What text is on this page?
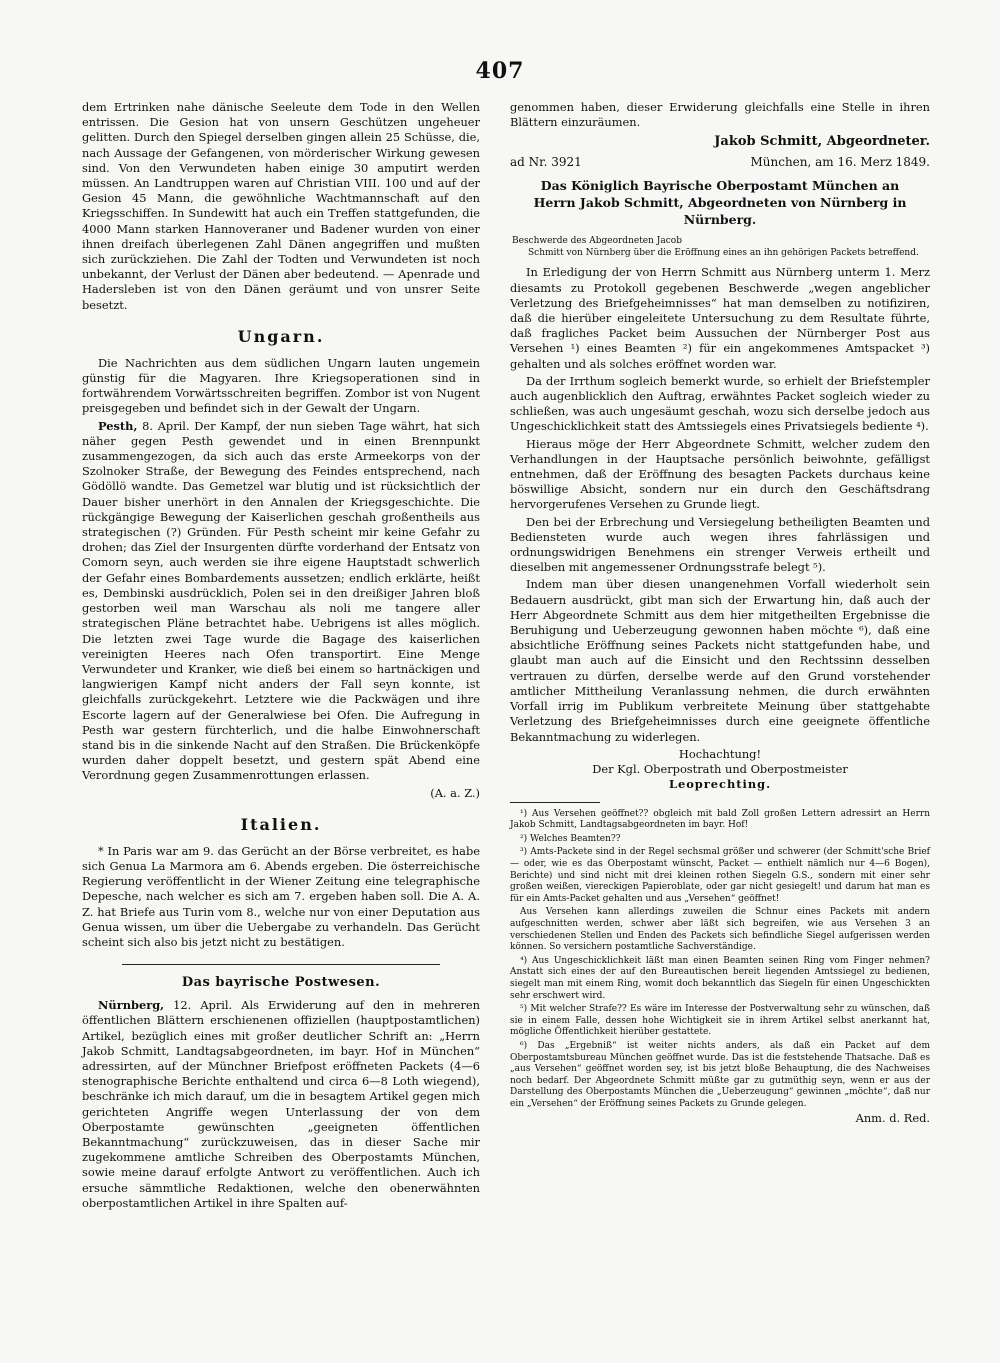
407

dem Ertrinken nahe dänische Seeleute dem Tode in den Wellen entrissen. Die Gesion hat von unsern Geschützen ungeheuer gelitten. Durch den Spiegel derselben gingen allein 25 Schüsse, die, nach Aussage der Gefangenen, von mörderischer Wirkung gewesen sind. Von den Verwundeten haben einige 30 amputirt werden müssen. An Landtruppen waren auf Christian VIII. 100 und auf der Gesion 45 Mann, die gewöhnliche Wachtmannschaft auf den Kriegsschiffen. In Sundewitt hat auch ein Treffen stattgefunden, die 4000 Mann starken Hannoveraner und Badener wurden von einer ihnen dreifach überlegenen Zahl Dänen angegriffen und mußten sich zurückziehen. Die Zahl der Todten und Verwundeten ist noch unbekannt, der Verlust der Dänen aber bedeutend. — Apenrade und Hadersleben ist von den Dänen geräumt und von unsrer Seite besetzt.

Ungarn.

Die Nachrichten aus dem südlichen Ungarn lauten ungemein günstig für die Magyaren. Ihre Kriegsoperationen sind in fortwährendem Vorwärtsschreiten begriffen. Zombor ist von Nugent preisgegeben und befindet sich in der Gewalt der Ungarn.

Pesth, 8. April. Der Kampf, der nun sieben Tage währt, hat sich näher gegen Pesth gewendet und in einen Brennpunkt zusammengezogen, da sich auch das erste Armeekorps von der Szolnoker Straße, der Bewegung des Feindes entsprechend, nach Gödöllö wandte. Das Gemetzel war blutig und ist rücksichtlich der Dauer bisher unerhört in den Annalen der Kriegsgeschichte. Die rückgängige Bewegung der Kaiserlichen geschah großentheils aus strategischen (?) Gründen. Für Pesth scheint mir keine Gefahr zu drohen; das Ziel der Insurgenten dürfte vorderhand der Entsatz von Comorn seyn, auch werden sie ihre eigene Hauptstadt schwerlich der Gefahr eines Bombardements aussetzen; endlich erklärte, heißt es, Dembinski ausdrücklich, Polen sei in den dreißiger Jahren bloß gestorben weil man Warschau als noli me tangere aller strategischen Pläne betrachtet habe. Uebrigens ist alles möglich. Die letzten zwei Tage wurde die Bagage des kaiserlichen vereinigten Heeres nach Ofen transportirt. Eine Menge Verwundeter und Kranker, wie dieß bei einem so hartnäckigen und langwierigen Kampf nicht anders der Fall seyn konnte, ist gleichfalls zurückgekehrt. Letztere wie die Packwägen und ihre Escorte lagern auf der Generalwiese bei Ofen. Die Aufregung in Pesth war gestern fürchterlich, und die halbe Einwohnerschaft stand bis in die sinkende Nacht auf den Straßen. Die Brückenköpfe wurden daher doppelt besetzt, und gestern spät Abend eine Verordnung gegen Zusammenrottungen erlassen.

(A. a. Z.)

Italien.

* In Paris war am 9. das Gerücht an der Börse verbreitet, es habe sich Genua La Marmora am 6. Abends ergeben. Die österreichische Regierung veröffentlicht in der Wiener Zeitung eine telegraphische Depesche, nach welcher es sich am 7. ergeben haben soll. Die A. A. Z. hat Briefe aus Turin vom 8., welche nur von einer Deputation aus Genua wissen, um über die Uebergabe zu verhandeln. Das Gerücht scheint sich also bis jetzt nicht zu bestätigen.

Das bayrische Postwesen.

Nürnberg, 12. April. Als Erwiderung auf den in mehreren öffentlichen Blättern erschienenen offiziellen (hauptpostamtlichen) Artikel, bezüglich eines mit großer deutlicher Schrift an: „Herrn Jakob Schmitt, Landtagsabgeordneten, im bayr. Hof in München“ adressirten, auf der Münchner Briefpost eröffneten Packets (4—6 stenographische Berichte enthaltend und circa 6—8 Loth wiegend), beschränke ich mich darauf, um die in besagtem Artikel gegen mich gerichteten Angriffe wegen Unterlassung der von dem Oberpostamte gewünschten „geeigneten öffentlichen Bekanntmachung“ zurückzuweisen, das in dieser Sache mir zugekommene amtliche Schreiben des Oberpostamts München, sowie meine darauf erfolgte Antwort zu veröffentlichen. Auch ich ersuche sämmtliche Redaktionen, welche den obenerwähnten oberpostamtlichen Artikel in ihre Spalten auf-

genommen haben, dieser Erwiderung gleichfalls eine Stelle in ihren Blättern einzuräumen.

Jakob Schmitt, Abgeordneter.
ad Nr. 3921	München, am 16. Merz 1849.
Das Königlich Bayrische Oberpostamt München an Herrn Jakob Schmitt, Abgeordneten von Nürnberg in Nürnberg.
Beschwerde des Abgeordneten Jacob
Schmitt von Nürnberg über die Eröffnung eines an ihn gehörigen Packets betreffend.

In Erledigung der von Herrn Schmitt aus Nürnberg unterm 1. Merz diesamts zu Protokoll gegebenen Beschwerde „wegen angeblicher Verletzung des Briefgeheimnisses“ hat man demselben zu notifiziren, daß die hierüber eingeleitete Untersuchung zu dem Resultate führte, daß fragliches Packet beim Aussuchen der Nürnberger Post aus Versehen ¹) eines Beamten ²) für ein angekommenes Amtspacket ³) gehalten und als solches eröffnet worden war.

Da der Irrthum sogleich bemerkt wurde, so erhielt der Briefstempler auch augenblicklich den Auftrag, erwähntes Packet sogleich wieder zu schließen, was auch ungesäumt geschah, wozu sich derselbe jedoch aus Ungeschicklichkeit statt des Amtssiegels eines Privatsiegels bediente ⁴).

Hieraus möge der Herr Abgeordnete Schmitt, welcher zudem den Verhandlungen in der Hauptsache persönlich beiwohnte, gefälligst entnehmen, daß der Eröffnung des besagten Packets durchaus keine böswillige Absicht, sondern nur ein durch den Geschäftsdrang hervorgerufenes Versehen zu Grunde liegt.

Den bei der Erbrechung und Versiegelung betheiligten Beamten und Bediensteten wurde auch wegen ihres fahrlässigen und ordnungswidrigen Benehmens ein strenger Verweis ertheilt und dieselben mit angemessener Ordnungsstrafe belegt ⁵).

Indem man über diesen unangenehmen Vorfall wiederholt sein Bedauern ausdrückt, gibt man sich der Erwartung hin, daß auch der Herr Abgeordnete Schmitt aus dem hier mitgetheilten Ergebnisse die Beruhigung und Ueberzeugung gewonnen haben möchte ⁶), daß eine absichtliche Eröffnung seines Packets nicht stattgefunden habe, und glaubt man auch auf die Einsicht und den Rechtssinn desselben vertrauen zu dürfen, derselbe werde auf den Grund vorstehender amtlicher Mittheilung Veranlassung nehmen, die durch erwähnten Vorfall irrig im Publikum verbreitete Meinung über stattgehabte Verletzung des Briefgeheimnisses durch eine geeignete öffentliche Bekanntmachung zu widerlegen.

Hochachtung!
Der Kgl. Oberpostrath und Oberpostmeister
Leoprechting.

¹) Aus Versehen geöffnet?? obgleich mit bald Zoll großen Lettern adressirt an Herrn Jakob Schmitt, Landtagsabgeordneten im bayr. Hof!

²) Welches Beamten??

³) Amts-Packete sind in der Regel sechsmal größer und schwerer (der Schmitt'sche Brief — oder, wie es das Oberpostamt wünscht, Packet — enthielt nämlich nur 4—6 Bogen), Berichte) und sind nicht mit drei kleinen rothen Siegeln G.S., sondern mit einer sehr großen weißen, viereckigen Papieroblate, oder gar nicht gesiegelt! und darum hat man es für ein Amts-Packet gehalten und aus „Versehen“ geöffnet!

Aus Versehen kann allerdings zuweilen die Schnur eines Packets mit andern aufgeschnitten werden, schwer aber läßt sich begreifen, wie aus Versehen 3 an verschiedenen Stellen und Enden des Packets sich befindliche Siegel aufgerissen werden können. So versichern postamtliche Sachverständige.

⁴) Aus Ungeschicklichkeit läßt man einen Beamten seinen Ring vom Finger nehmen? Anstatt sich eines der auf den Bureautischen bereit liegenden Amtssiegel zu bedienen, siegelt man mit einem Ring, womit doch bekanntlich das Siegeln für einen Ungeschickten sehr erschwert wird.

⁵) Mit welcher Strafe?? Es wäre im Interesse der Postverwaltung sehr zu wünschen, daß sie in einem Falle, dessen hohe Wichtigkeit sie in ihrem Artikel selbst anerkannt hat, mögliche Öffentlichkeit hierüber gestattete.

⁶) Das „Ergebniß“ ist weiter nichts anders, als daß ein Packet auf dem Oberpostamtsbureau München geöffnet wurde. Das ist die feststehende Thatsache. Daß es „aus Versehen“ geöffnet worden sey, ist bis jetzt bloße Behauptung, die des Nachweises noch bedarf. Der Abgeordnete Schmitt müßte gar zu gutmüthig seyn, wenn er aus der Darstellung des Oberpostamts München die „Ueberzeugung“ gewinnen „möchte“, daß nur ein „Versehen“ der Eröffnung seines Packets zu Grunde gelegen.

Anm. d. Red.
